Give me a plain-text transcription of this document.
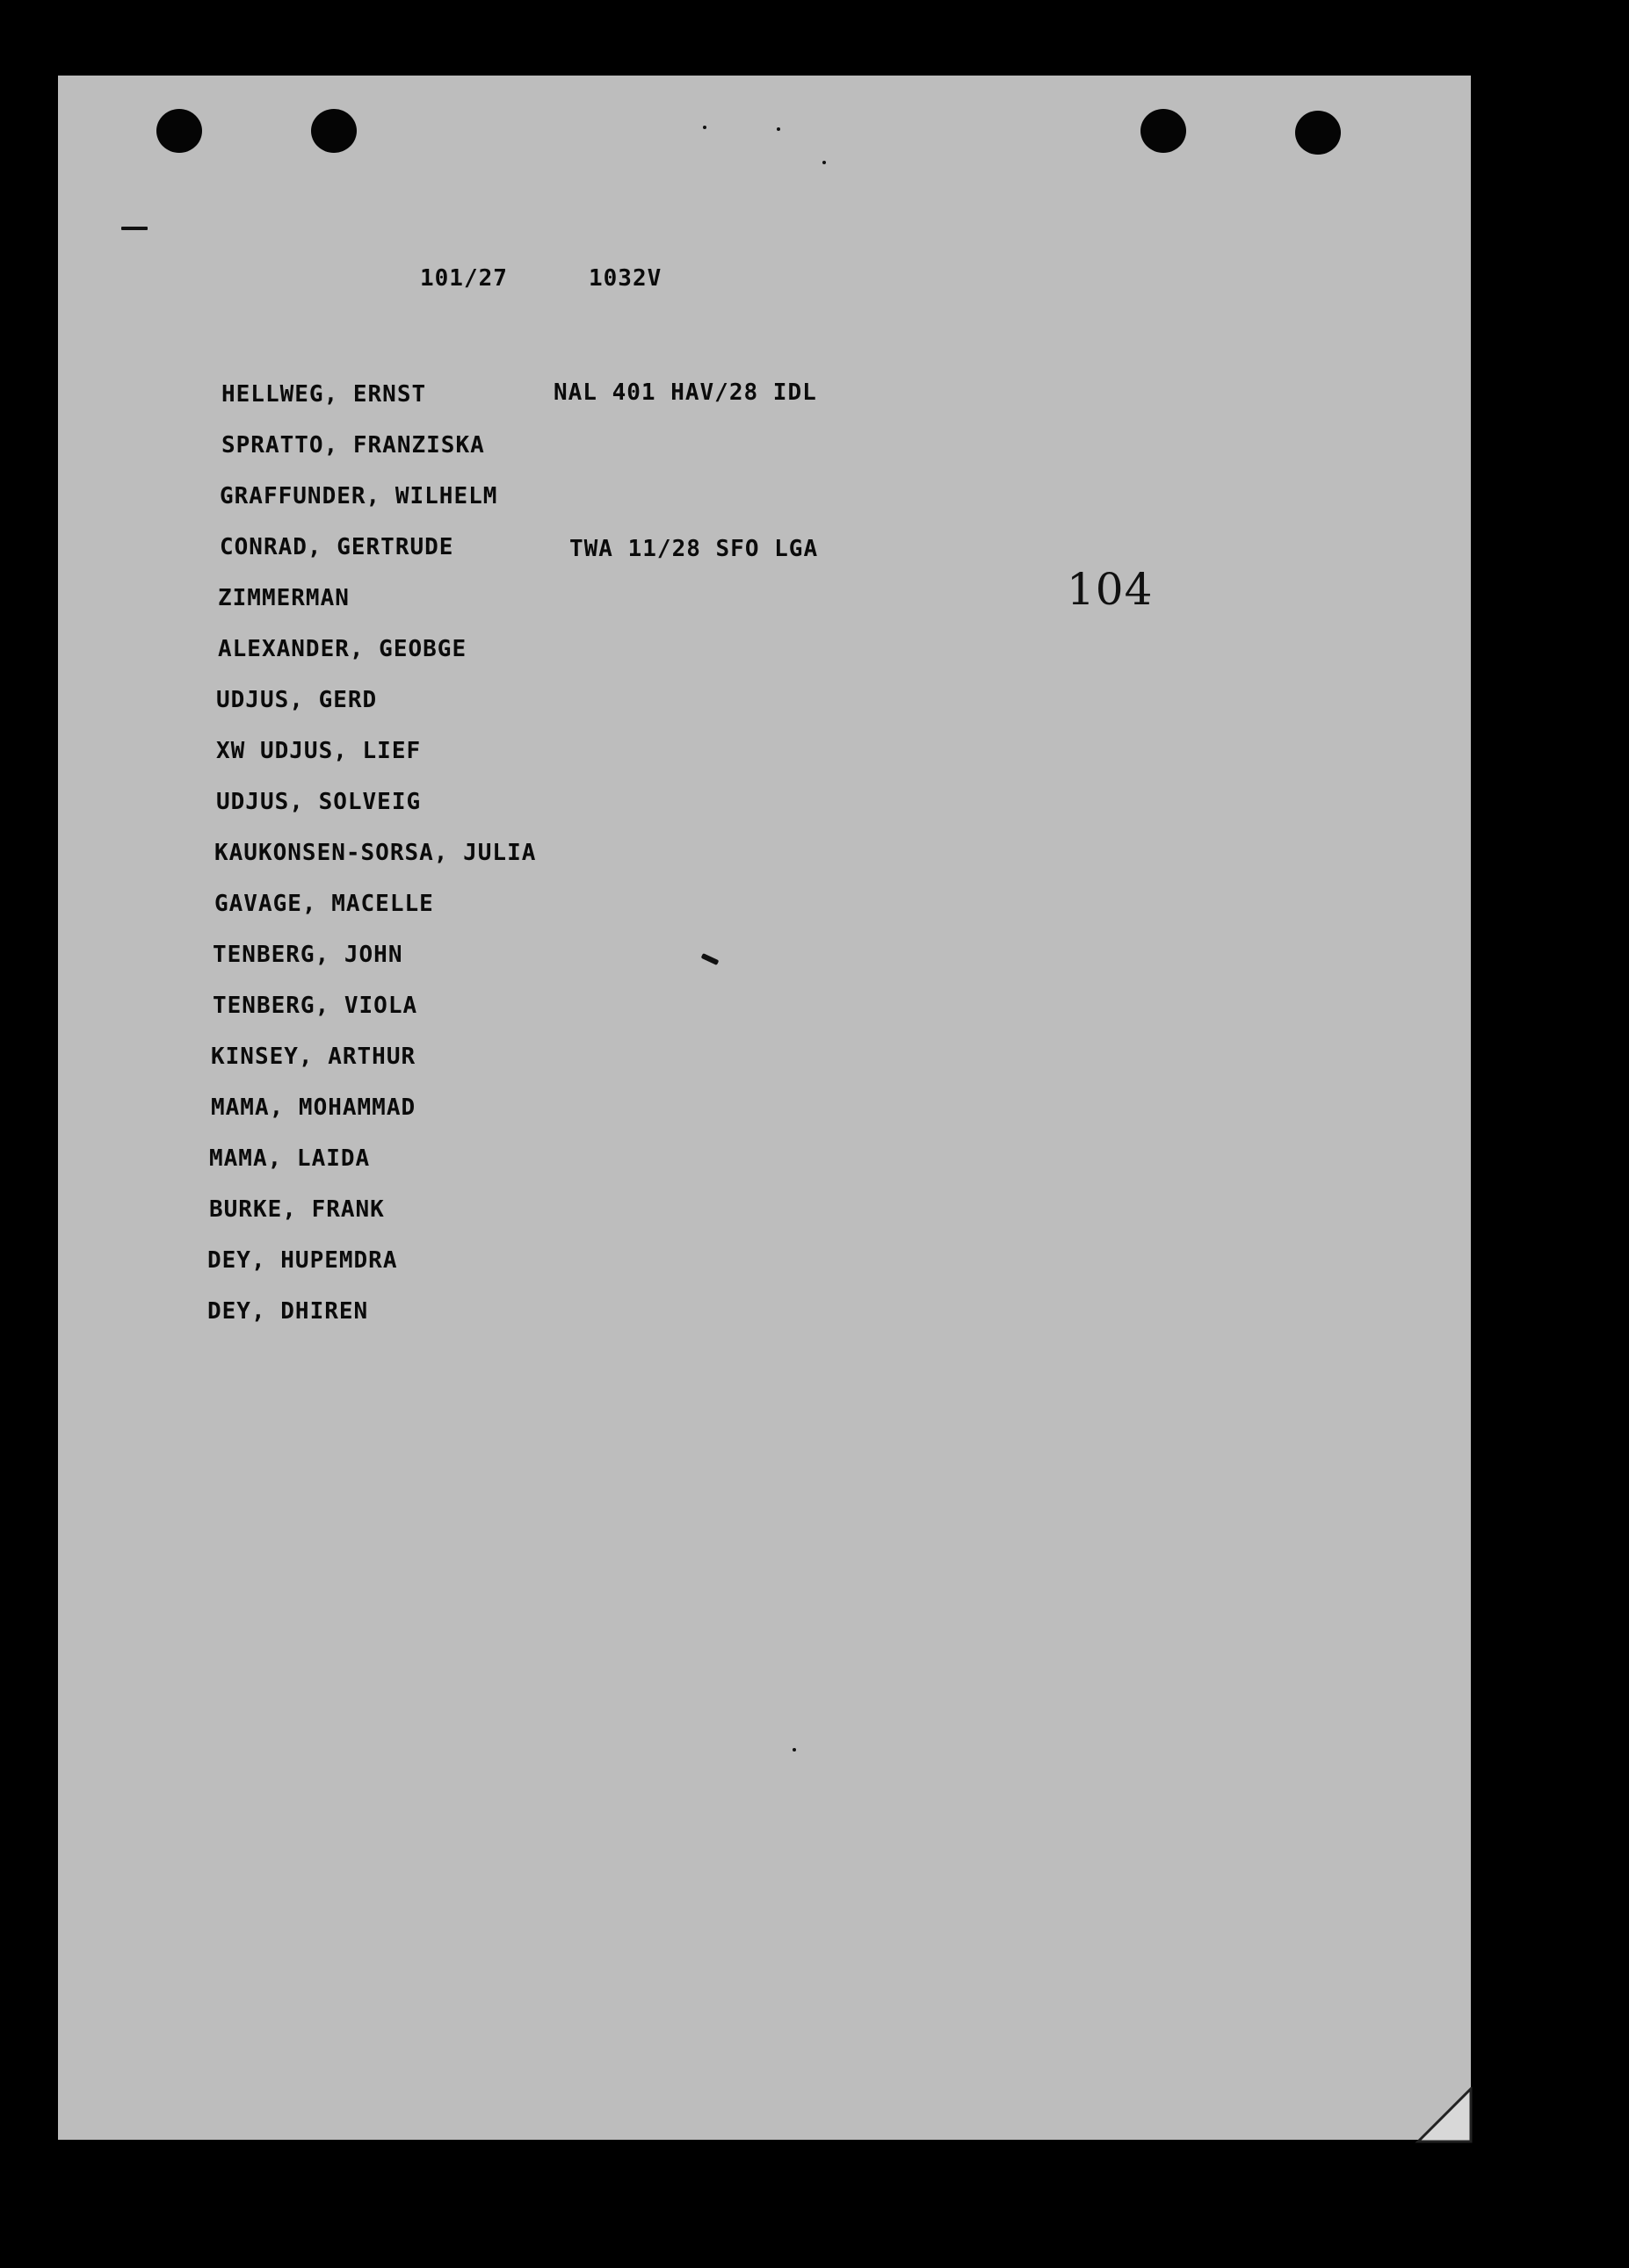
101/27	1032V
104
NAL 401 HAV/28 IDL
TWA 11/28 SFO LGA
HELLWEG, ERNST
SPRATTO, FRANZISKA
GRAFFUNDER, WILHELM
CONRAD, GERTRUDE
ZIMMERMAN
ALEXANDER, GEOBGE
UDJUS, GERD
XW UDJUS, LIEF
UDJUS, SOLVEIG
KAUKONSEN-SORSA, JULIA
GAVAGE, MACELLE
TENBERG, JOHN
TENBERG, VIOLA
KINSEY, ARTHUR
MAMA, MOHAMMAD
MAMA, LAIDA
BURKE, FRANK
DEY, HUPEMDRA
DEY, DHIREN
